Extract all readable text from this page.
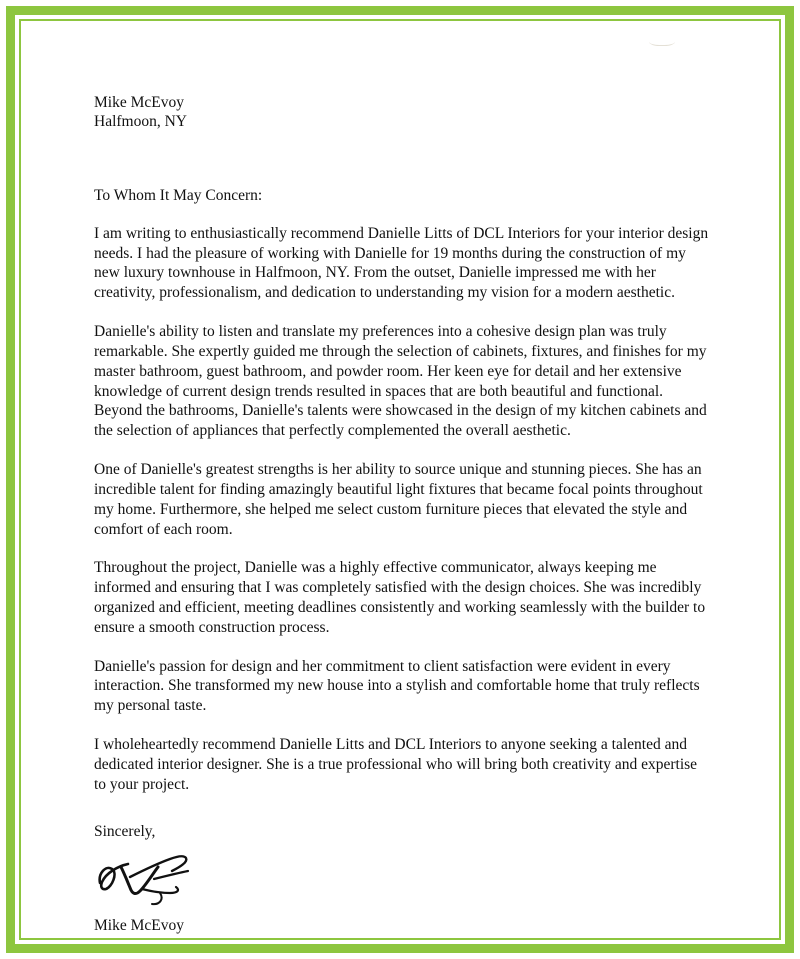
Mike McEvoy
Halfmoon, NY
To Whom It May Concern:

I am writing to enthusiastically recommend Danielle Litts of DCL Interiors for your interior design needs. I had the pleasure of working with Danielle for 19 months during the construction of my new luxury townhouse in Halfmoon, NY. From the outset, Danielle impressed me with her creativity, professionalism, and dedication to understanding my vision for a modern aesthetic.

Danielle's ability to listen and translate my preferences into a cohesive design plan was truly remarkable. She expertly guided me through the selection of cabinets, fixtures, and finishes for my master bathroom, guest bathroom, and powder room. Her keen eye for detail and her extensive knowledge of current design trends resulted in spaces that are both beautiful and functional. Beyond the bathrooms, Danielle's talents were showcased in the design of my kitchen cabinets and the selection of appliances that perfectly complemented the overall aesthetic.

One of Danielle's greatest strengths is her ability to source unique and stunning pieces. She has an incredible talent for finding amazingly beautiful light fixtures that became focal points throughout my home. Furthermore, she helped me select custom furniture pieces that elevated the style and comfort of each room.

Throughout the project, Danielle was a highly effective communicator, always keeping me informed and ensuring that I was completely satisfied with the design choices. She was incredibly organized and efficient, meeting deadlines consistently and working seamlessly with the builder to ensure a smooth construction process.

Danielle's passion for design and her commitment to client satisfaction were evident in every interaction. She transformed my new house into a stylish and comfortable home that truly reflects my personal taste.

I wholeheartedly recommend Danielle Litts and DCL Interiors to anyone seeking a talented and dedicated interior designer. She is a true professional who will bring both creativity and expertise to your project.

Sincerely,
Mike McEvoy
